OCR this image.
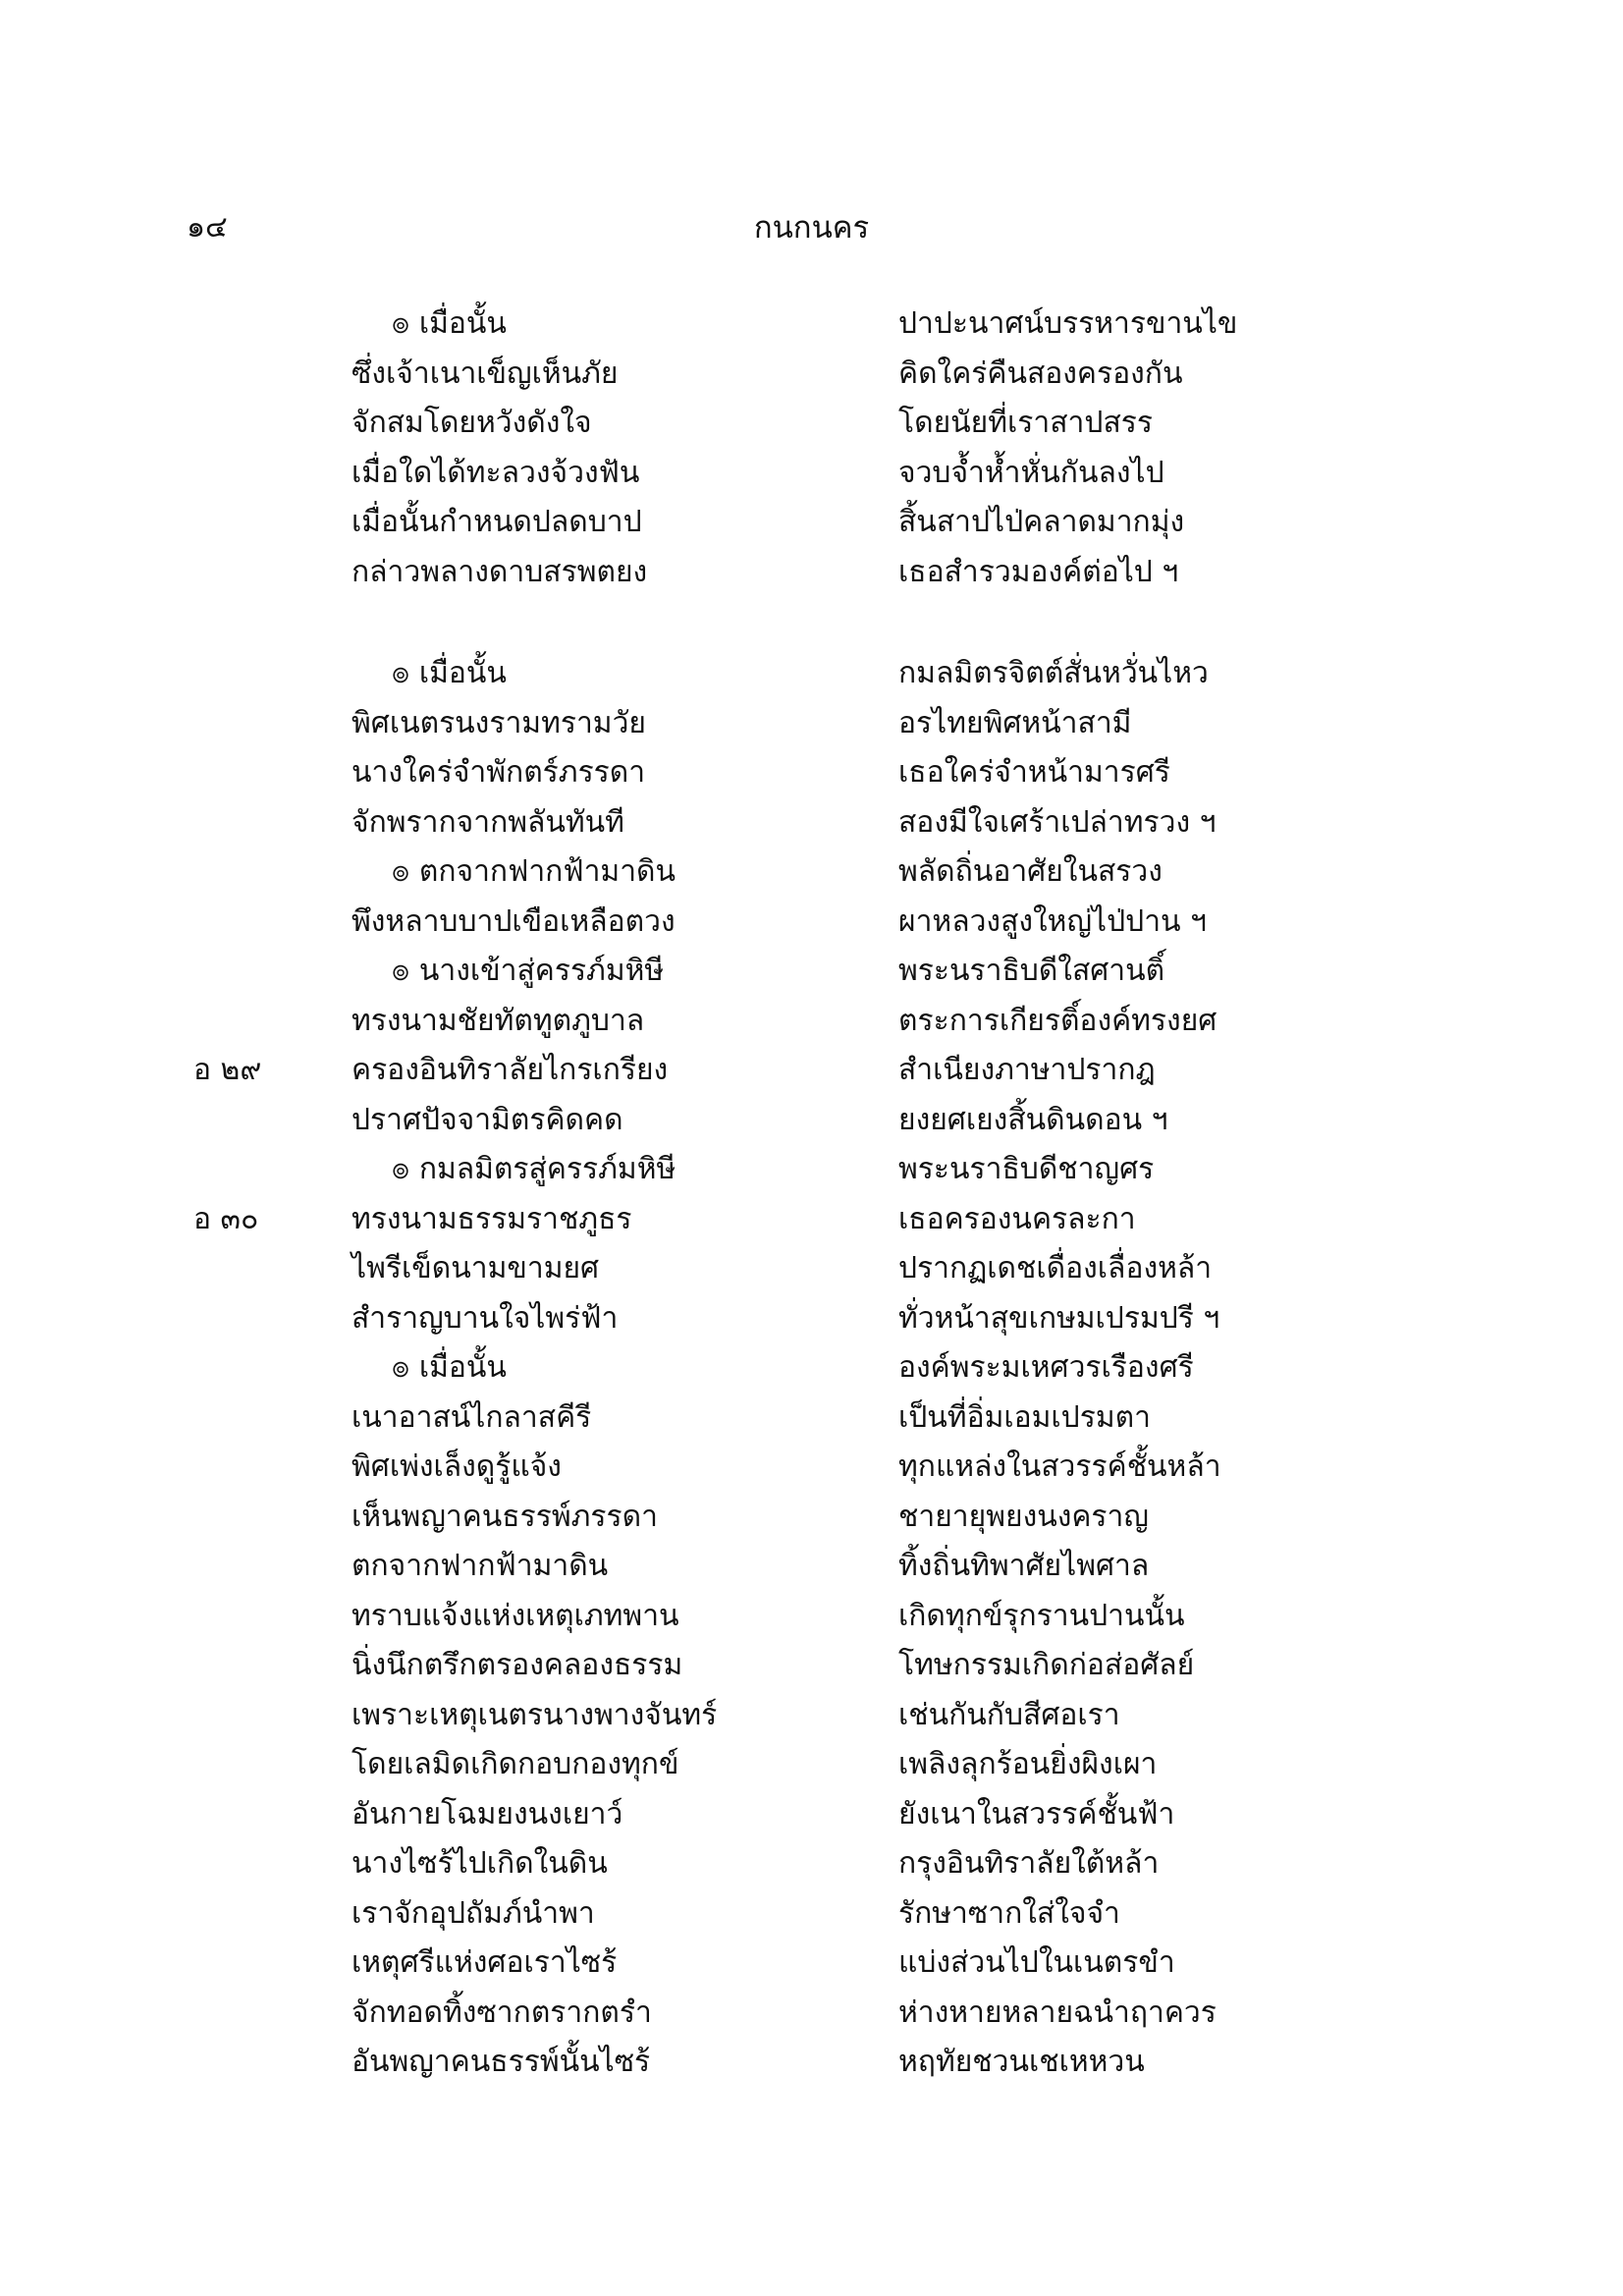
๑๔	กนกนคร
๏ เมื่อนั้น	ปาปะนาศน์บรรหารขานไข
ซึ่งเจ้าเนาเข็ญเห็นภัย	คิดใคร่คืนสองครองกัน
จักสมโดยหวังดังใจ	โดยนัยที่เราสาปสรร
เมื่อใดได้ทะลวงจ้วงฟัน	จวบจ้ำห้ำหั่นกันลงไป
เมื่อนั้นกำหนดปลดบาป	สิ้นสาปไป่คลาดมากมุ่ง
กล่าวพลางดาบสรพตยง	เธอสำรวมองค์ต่อไป ฯ
๏ เมื่อนั้น	กมลมิตรจิตต์สั่นหวั่นไหว
พิศเนตรนงรามทรามวัย	อรไทยพิศหน้าสามี
นางใคร่จำพักตร์ภรรดา	เธอใคร่จำหน้ามารศรี
จักพรากจากพลันทันที	สองมีใจเศร้าเปล่าทรวง ฯ
๏ ตกจากฟากฟ้ามาดิน	พลัดถิ่นอาศัยในสรวง
พึงหลาบบาปเขือเหลือตวง	ผาหลวงสูงใหญ่ไป่ปาน ฯ
๏ นางเข้าสู่ครรภ์มหิษี	พระนราธิบดีใสศานติ์
ทรงนามชัยทัตทูตภูบาล	ตระการเกียรติ์องค์ทรงยศ
อ ๒๙	ครองอินทิราลัยไกรเกรียง	สำเนียงภาษาปรากฎ
ปราศปัจจามิตรคิดคด	ยงยศเยงสิ้นดินดอน ฯ
๏ กมลมิตรสู่ครรภ์มหิษี	พระนราธิบดีชาญศร
อ ๓๐	ทรงนามธรรมราชภูธร	เธอครองนครละกา
ไพรีเข็ดนามขามยศ	ปรากฏเดชเดื่องเลื่องหล้า
สำราญบานใจไพร่ฟ้า	ทั่วหน้าสุขเกษมเปรมปรี ฯ
๏ เมื่อนั้น	องค์พระมเหศวรเรืองศรี
เนาอาสน์ไกลาสคีรี	เป็นที่อิ่มเอมเปรมตา
พิศเพ่งเล็งดูรู้แจ้ง	ทุกแหล่งในสวรรค์ชั้นหล้า
เห็นพญาคนธรรพ์ภรรดา	ชายายุพยงนงคราญ
ตกจากฟากฟ้ามาดิน	ทิ้งถิ่นทิพาศัยไพศาล
ทราบแจ้งแห่งเหตุเภทพาน	เกิดทุกข์รุกรานปานนั้น
นิ่งนึกตรึกตรองคลองธรรม	โทษกรรมเกิดก่อส่อศัลย์
เพราะเหตุเนตรนางพางจันทร์	เช่นกันกับสีศอเรา
โดยเลมิดเกิดกอบกองทุกข์	เพลิงลุกร้อนยิ่งผิงเผา
อันกายโฉมยงนงเยาว์	ยังเนาในสวรรค์ชั้นฟ้า
นางไซร้ไปเกิดในดิน	กรุงอินทิราลัยใต้หล้า
เราจักอุปถัมภ์นำพา	รักษาซากใส่ใจจำ
เหตุศรีแห่งศอเราไซร้	แบ่งส่วนไปในเนตรขำ
จักทอดทิ้งซากตรากตรำ	ห่างหายหลายฉนำฤาควร
อันพญาคนธรรพ์นั้นไซร้	หฤทัยชวนเชเหหวน
